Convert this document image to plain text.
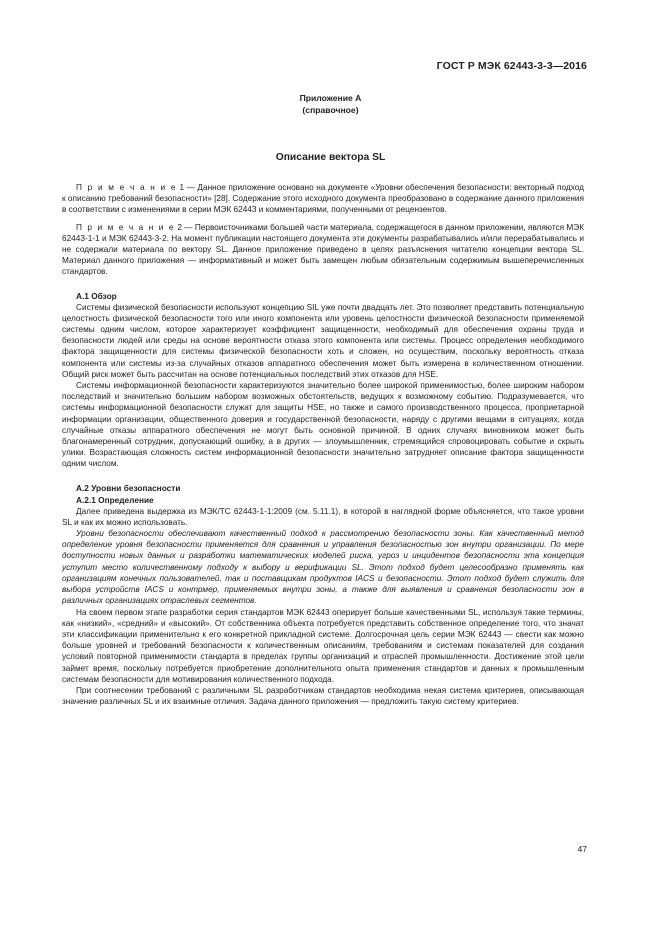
ГОСТ Р МЭК 62443-3-3—2016
Приложение А
(справочное)
Описание вектора SL

П р и м е ч а н и е 1 — Данное приложение основано на документе «Уровни обеспечения безопасности: векторный подход к описанию требований безопасности» [28]. Содержание этого исходного документа преобразовано в содержание данного приложения в соответствии с изменениями в серии МЭК 62443 и комментариями, полученными от рецензентов.

П р и м е ч а н и е 2 — Первоисточниками большей части материала, содержащегося в данном приложении, являются МЭК 62443-1-1 и МЭК 62443-3-2. На момент публикации настоящего документа эти документы разрабатывались и/или перерабатывались и не содержали материала по вектору SL. Данное приложение приведено в целях разъяснения читателю концепции вектора SL. Материал данного приложения — информативный и может быть замещен любым обязательным содержимым вышеперечисленных стандартов.

А.1 Обзор

Системы физической безопасности используют концепцию SIL уже почти двадцать лет. Это позволяет представить потенциальную целостность физической безопасности того или иного компонента или уровень целостности физической безопасности применяемой системы одним числом, которое характеризует коэффициент защищенности, необходимый для обеспечения охраны труда и безопасности людей или среды на основе вероятности отказа этого компонента или системы. Процесс определения необходимого фактора защищенности для системы физической безопасности хоть и сложен, но осуществим, поскольку вероятность отказа компонента или системы из-за случайных отказов аппаратного обеспечения может быть измерена в количественном отношении. Общий риск может быть рассчитан на основе потенциальных последствий этих отказов для HSE.

Системы информационной безопасности характеризуются значительно более широкой применимостью, более широким набором последствий и значительно большим набором возможных обстоятельств, ведущих к возможному событию. Подразумевается, что системы информационной безопасности служат для защиты HSE, но также и самого производственного процесса, проприетарной информации организации, общественного доверия и государственной безопасности, наряду с другими вещами в ситуациях, когда случайные отказы аппаратного обеспечения не могут быть основной причиной. В одних случаях виновником может быть благонамеренный сотрудник, допускающий ошибку, а в других — злоумышленник, стремящийся спровоцировать событие и скрыть улики. Возрастающая сложность систем информационной безопасности значительно затрудняет описание фактора защищенности одним числом.

А.2 Уровни безопасности
А.2.1 Определение

Далее приведена выдержка из МЭК/ТС 62443-1-1:2009 (см. 5.11.1), в которой в наглядной форме объясняется, что такое уровни SL и как их можно использовать.

Уровни безопасности обеспечивают качественный подход к рассмотрению безопасности зоны. Как качественный метод определение уровня безопасности применяется для сравнения и управления безопасностью зон внутри организации. По мере доступности новых данных и разработки математических моделей риска, угроз и инцидентов безопасности эта концепция уступит место количественному подходу к выбору и верификации SL. Этот подход будет целесообразно применять как организациям конечных пользователей, так и поставщикам продуктов IACS и безопасности. Этот подход будет служить для выбора устройств IACS и контрмер, применяемых внутри зоны, а также для выявления и сравнения безопасности зон в различных организациях отраслевых сегментов.

На своем первом этапе разработки серия стандартов МЭК 62443 оперирует больше качественными SL, используя такие термины, как «низкий», «средний» и «высокий». От собственника объекта потребуется представить собственное определение того, что значат эти классификации применительно к его конкретной прикладной системе. Долгосрочная цель серии МЭК 62443 — свести как можно больше уровней и требований безопасности к количественным описаниям, требованиям и системам показателей для создания условий повторной применимости стандарта в пределах группы организаций и отраслей промышленности. Достижение этой цели займет время, поскольку потребуется приобретение дополнительного опыта применения стандартов и данных к промышленным системам безопасности для мотивирования количественного подхода.

При соотнесении требований с различными SL разработчикам стандартов необходима некая система критериев, описывающая значение различных SL и их взаимные отличия. Задача данного приложения — предложить такую систему критериев.

47
